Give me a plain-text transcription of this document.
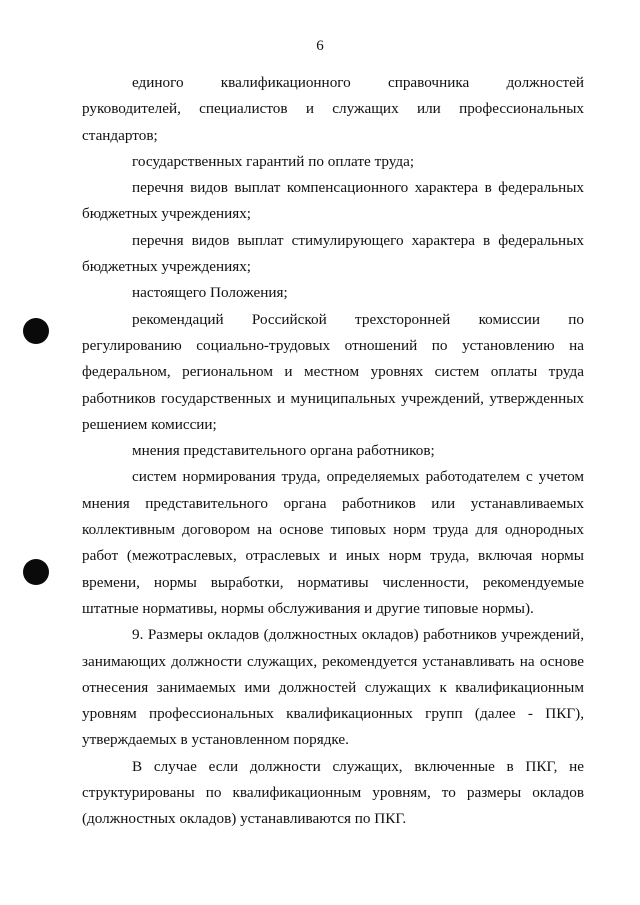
6

единого квалификационного справочника должностей руководителей, специалистов и служащих или профессиональных стандартов;

государственных гарантий по оплате труда;

перечня видов выплат компенсационного характера в федеральных бюджетных учреждениях;

перечня видов выплат стимулирующего характера в федеральных бюджетных учреждениях;

настоящего Положения;

рекомендаций Российской трехсторонней комиссии по регулированию социально-трудовых отношений по установлению на федеральном, региональном и местном уровнях систем оплаты труда работников государственных и муниципальных учреждений, утвержденных решением комиссии;

мнения представительного органа работников;

систем нормирования труда, определяемых работодателем с учетом мнения представительного органа работников или устанавливаемых коллективным договором на основе типовых норм труда для однородных работ (межотраслевых, отраслевых и иных норм труда, включая нормы времени, нормы выработки, нормативы численности, рекомендуемые штатные нормативы, нормы обслуживания и другие типовые нормы).

9. Размеры окладов (должностных окладов) работников учреждений, занимающих должности служащих, рекомендуется устанавливать на основе отнесения занимаемых ими должностей служащих к квалификационным уровням профессиональных квалификационных групп (далее - ПКГ), утверждаемых в установленном порядке.

В случае если должности служащих, включенные в ПКГ, не структурированы по квалификационным уровням, то размеры окладов (должностных окладов) устанавливаются по ПКГ.
